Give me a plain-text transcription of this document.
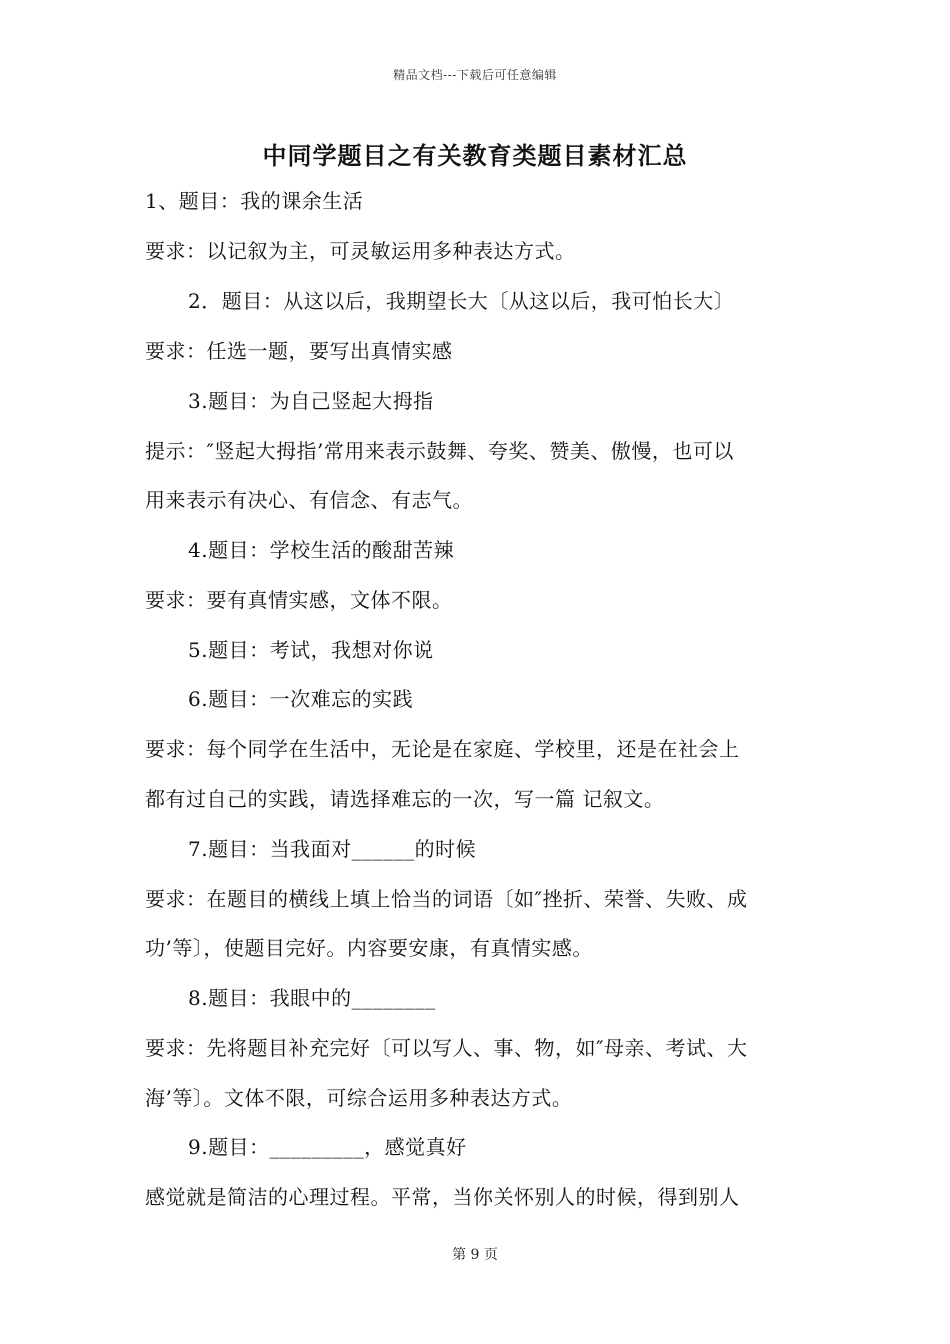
精品文档---下载后可任意编辑
中同学题目之有关教育类题目素材汇总
1、题目：我的课余生活
要求：以记叙为主，可灵敏运用多种表达方式。
2．题目：从这以后，我期望长大〔从这以后，我可怕长大〕
要求：任选一题，要写出真情实感
3.题目：为自己竖起大拇指
提示：″竖起大拇指’常用来表示鼓舞、夸奖、赞美、傲慢，也可以
用来表示有决心、有信念、有志气。
4.题目：学校生活的酸甜苦辣
要求：要有真情实感，文体不限。
5.题目：考试，我想对你说
6.题目：一次难忘的实践
要求：每个同学在生活中，无论是在家庭、学校里，还是在社会上
都有过自己的实践，请选择难忘的一次，写一篇 记叙文。
7.题目：当我面对______的时候
要求：在题目的横线上填上恰当的词语〔如″挫折、荣誉、失败、成
功’等〕，使题目完好。内容要安康，有真情实感。
8.题目：我眼中的________
要求：先将题目补充完好〔可以写人、事、物，如″母亲、考试、大
海’等〕。文体不限，可综合运用多种表达方式。
9.题目：_________，感觉真好
感觉就是简洁的心理过程。平常，当你关怀别人的时候，得到别人
第 9 页
